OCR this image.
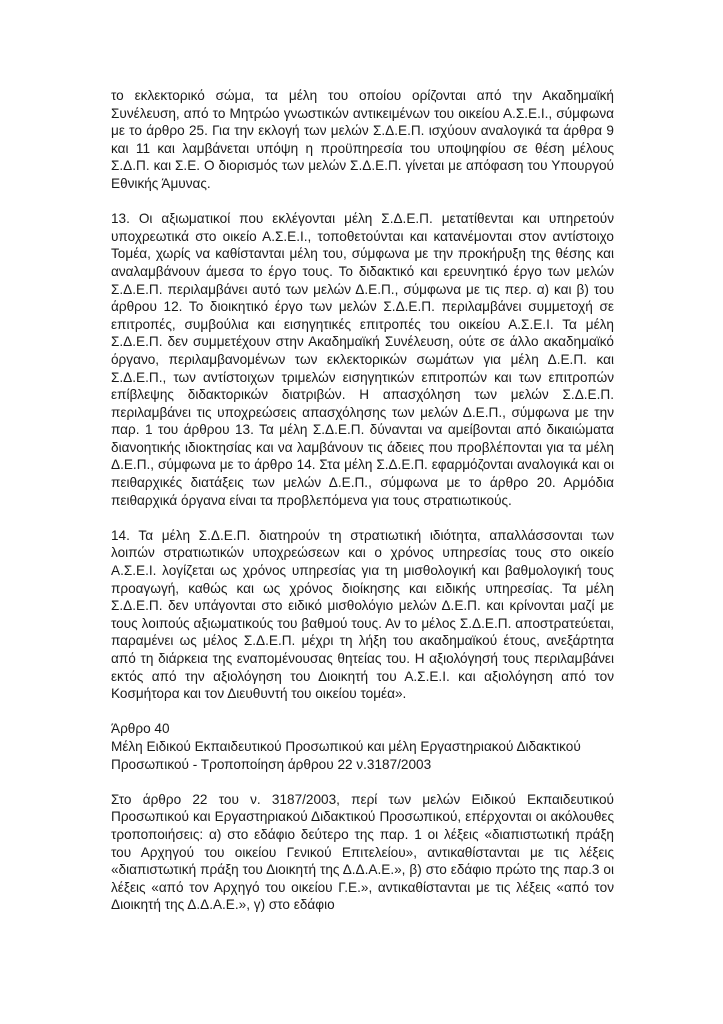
το εκλεκτορικό σώμα, τα μέλη του οποίου ορίζονται από την Ακαδημαϊκή Συνέλευση, από το Μητρώο γνωστικών αντικειμένων του οικείου Α.Σ.Ε.Ι., σύμφωνα με το άρθρο 25. Για την εκλογή των μελών Σ.Δ.Ε.Π. ισχύουν αναλογικά τα άρθρα 9 και 11 και λαμβάνεται υπόψη η προϋπηρεσία του υποψηφίου σε θέση μέλους Σ.Δ.Π. και Σ.Ε. Ο διορισμός των μελών Σ.Δ.Ε.Π. γίνεται με απόφαση του Υπουργού Εθνικής Άμυνας.

13. Οι αξιωματικοί που εκλέγονται μέλη Σ.Δ.Ε.Π. μετατίθενται και υπηρετούν υποχρεωτικά στο οικείο Α.Σ.Ε.Ι., τοποθετούνται και κατανέμονται στον αντίστοιχο Τομέα, χωρίς να καθίστανται μέλη του, σύμφωνα με την προκήρυξη της θέσης και αναλαμβάνουν άμεσα το έργο τους. Το διδακτικό και ερευνητικό έργο των μελών Σ.Δ.Ε.Π. περιλαμβάνει αυτό των μελών Δ.Ε.Π., σύμφωνα με τις περ. α) και β) του άρθρου 12. Το διοικητικό έργο των μελών Σ.Δ.Ε.Π. περιλαμβάνει συμμετοχή σε επιτροπές, συμβούλια και εισηγητικές επιτροπές του οικείου Α.Σ.Ε.Ι. Τα μέλη Σ.Δ.Ε.Π. δεν συμμετέχουν στην Ακαδημαϊκή Συνέλευση, ούτε σε άλλο ακαδημαϊκό όργανο, περιλαμβανομένων των εκλεκτορικών σωμάτων για μέλη Δ.Ε.Π. και Σ.Δ.Ε.Π., των αντίστοιχων τριμελών εισηγητικών επιτροπών και των επιτροπών επίβλεψης διδακτορικών διατριβών. Η απασχόληση των μελών Σ.Δ.Ε.Π. περιλαμβάνει τις υποχρεώσεις απασχόλησης των μελών Δ.Ε.Π., σύμφωνα με την παρ. 1 του άρθρου 13. Τα μέλη Σ.Δ.Ε.Π. δύνανται να αμείβονται από δικαιώματα διανοητικής ιδιοκτησίας και να λαμβάνουν τις άδειες που προβλέπονται για τα μέλη Δ.Ε.Π., σύμφωνα με το άρθρο 14. Στα μέλη Σ.Δ.Ε.Π. εφαρμόζονται αναλογικά και οι πειθαρχικές διατάξεις των μελών Δ.Ε.Π., σύμφωνα με το άρθρο 20. Αρμόδια πειθαρχικά όργανα είναι τα προβλεπόμενα για τους στρατιωτικούς.

14. Τα μέλη Σ.Δ.Ε.Π. διατηρούν τη στρατιωτική ιδιότητα, απαλλάσσονται των λοιπών στρατιωτικών υποχρεώσεων και ο χρόνος υπηρεσίας τους στο οικείο Α.Σ.Ε.Ι. λογίζεται ως χρόνος υπηρεσίας για τη μισθολογική και βαθμολογική τους προαγωγή, καθώς και ως χρόνος διοίκησης και ειδικής υπηρεσίας. Τα μέλη Σ.Δ.Ε.Π. δεν υπάγονται στο ειδικό μισθολόγιο μελών Δ.Ε.Π. και κρίνονται μαζί με τους λοιπούς αξιωματικούς του βαθμού τους. Αν το μέλος Σ.Δ.Ε.Π. αποστρατεύεται, παραμένει ως μέλος Σ.Δ.Ε.Π. μέχρι τη λήξη του ακαδημαϊκού έτους, ανεξάρτητα από τη διάρκεια της εναπομένουσας θητείας του. Η αξιολόγησή τους περιλαμβάνει εκτός από την αξιολόγηση του Διοικητή του Α.Σ.Ε.Ι. και αξιολόγηση από τον Κοσμήτορα και τον Διευθυντή του οικείου τομέα».

Άρθρο 40

Μέλη Ειδικού Εκπαιδευτικού Προσωπικού και μέλη Εργαστηριακού Διδακτικού

Προσωπικού - Τροποποίηση άρθρου 22 ν.3187/2003

Στο άρθρο 22 του ν. 3187/2003, περί των μελών Ειδικού Εκπαιδευτικού Προσωπικού και Εργαστηριακού Διδακτικού Προσωπικού, επέρχονται οι ακόλουθες τροποποιήσεις: α) στο εδάφιο δεύτερο της παρ. 1 οι λέξεις «διαπιστωτική πράξη του Αρχηγού του οικείου Γενικού Επιτελείου», αντικαθίστανται με τις λέξεις «διαπιστωτική πράξη του Διοικητή της Δ.Δ.Α.Ε.», β) στο εδάφιο πρώτο της παρ.3 οι λέξεις «από τον Αρχηγό του οικείου Γ.Ε.», αντικαθίστανται με τις λέξεις «από τον Διοικητή της Δ.Δ.Α.Ε.», γ) στο εδάφιο
